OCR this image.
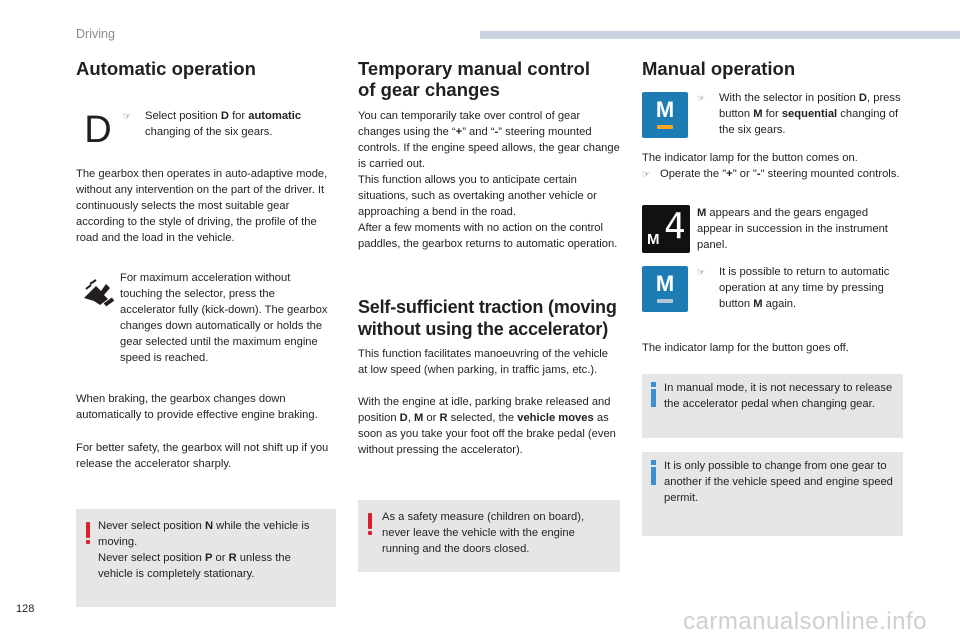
Driving
Automatic operation
D	☞	Select position D for automatic changing of the six gears.
The gearbox then operates in auto-adaptive mode, without any intervention on the part of the driver. It continuously selects the most suitable gear according to the style of driving, the profile of the road and the load in the vehicle.
For maximum acceleration without touching the selector, press the accelerator fully (kick-down). The gearbox changes down automatically or holds the gear selected until the maximum engine speed is reached.
When braking, the gearbox changes down automatically to provide effective engine braking.
For better safety, the gearbox will not shift up if you release the accelerator sharply.
Never select position N while the vehicle is moving.
Never select position P or R unless the vehicle is completely stationary.
Temporary manual control
of gear changes
You can temporarily take over control of gear changes using the “+” and “-” steering mounted controls. If the engine speed allows, the gear change is carried out.
This function allows you to anticipate certain situations, such as overtaking another vehicle or approaching a bend in the road.
After a few moments with no action on the control paddles, the gearbox returns to automatic operation.
Self-sufficient traction (moving
without using the accelerator)
This function facilitates manoeuvring of the vehicle at low speed (when parking, in traffic jams, etc.).
With the engine at idle, parking brake released and position D, M or R selected, the vehicle moves as soon as you take your foot off the brake pedal (even without pressing the accelerator).
As a safety measure (children on board), never leave the vehicle with the engine running and the doors closed.
Manual operation
M	☞	With the selector in position D, press button M for sequential changing of the six gears.
The indicator lamp for the button comes on.
☞ Operate the "+" or "-" steering mounted controls.
M 4 M appears and the gears engaged appear in succession in the instrument panel.
M	☞	It is possible to return to automatic operation at any time by pressing button M again.
The indicator lamp for the button goes off.
In manual mode, it is not necessary to release the accelerator pedal when changing gear.
It is only possible to change from one gear to another if the vehicle speed and engine speed permit.
128	carmanualsonline.info
